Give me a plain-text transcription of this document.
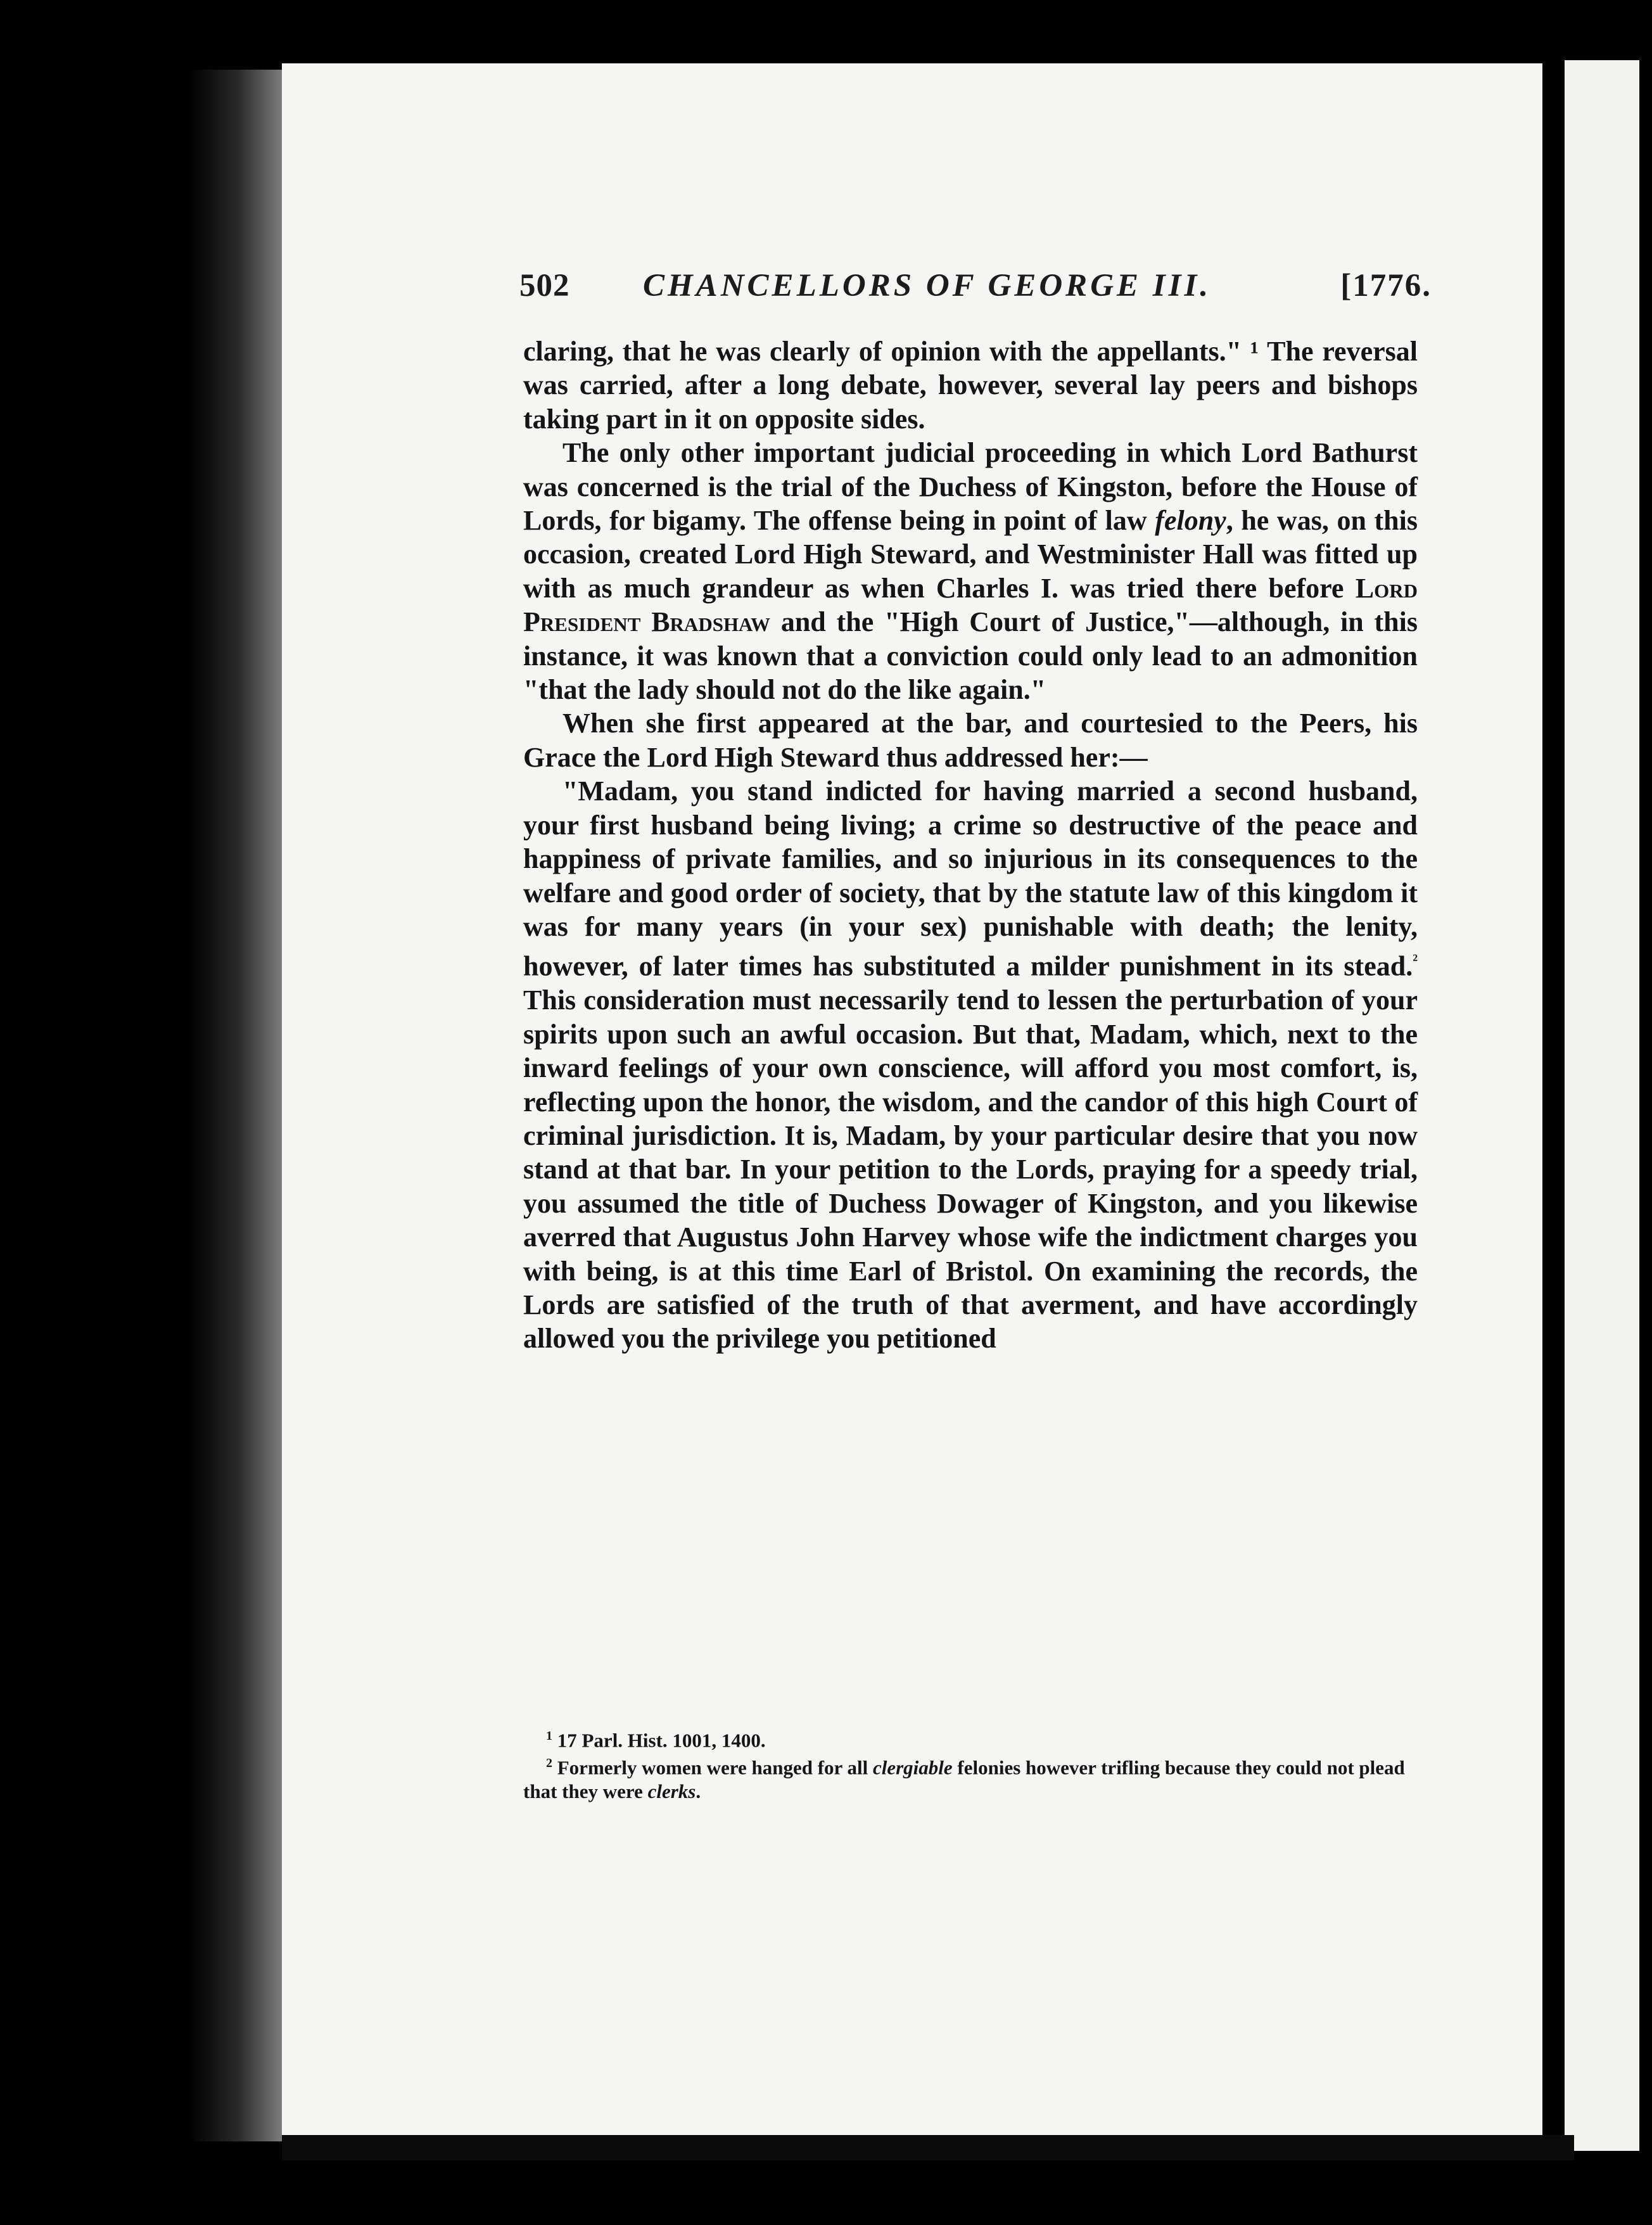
502 CHANCELLORS OF GEORGE III.	[1776.

claring, that he was clearly of opinion with the appellants." ¹ The reversal was carried, after a long debate, however, several lay peers and bishops taking part in it on opposite sides.

The only other important judicial proceeding in which Lord Bathurst was concerned is the trial of the Duchess of Kingston, before the House of Lords, for bigamy. The offense being in point of law felony, he was, on this occasion, created Lord High Steward, and Westminister Hall was fitted up with as much grandeur as when Charles I. was tried there before Lord President Bradshaw and the "High Court of Justice,"—although, in this instance, it was known that a conviction could only lead to an admonition "that the lady should not do the like again."

When she first appeared at the bar, and courtesied to the Peers, his Grace the Lord High Steward thus addressed her:—

"Madam, you stand indicted for having married a second husband, your first husband being living; a crime so destructive of the peace and happiness of private families, and so injurious in its consequences to the welfare and good order of society, that by the statute law of this kingdom it was for many years (in your sex) punishable with death; the lenity, however, of later times has substituted a milder punishment in its stead.$^{^2}$ This consideration must necessarily tend to lessen the perturbation of your spirits upon such an awful occasion. But that, Madam, which, next to the inward feelings of your own conscience, will afford you most comfort, is, reflecting upon the honor, the wisdom, and the candor of this high Court of criminal jurisdiction. It is, Madam, by your particular desire that you now stand at that bar. In your petition to the Lords, praying for a speedy trial, you assumed the title of Duchess Dowager of Kingston, and you likewise averred that Augustus John Harvey whose wife the indictment charges you with being, is at this time Earl of Bristol. On examining the records, the Lords are satisfied of the truth of that averment, and have accordingly allowed you the privilege you petitioned

$^1$ 17 Parl. Hist. 1001, 1400.

$^2$ Formerly women were hanged for all clergiable felonies however trifling because they could not plead that they were clerks.
